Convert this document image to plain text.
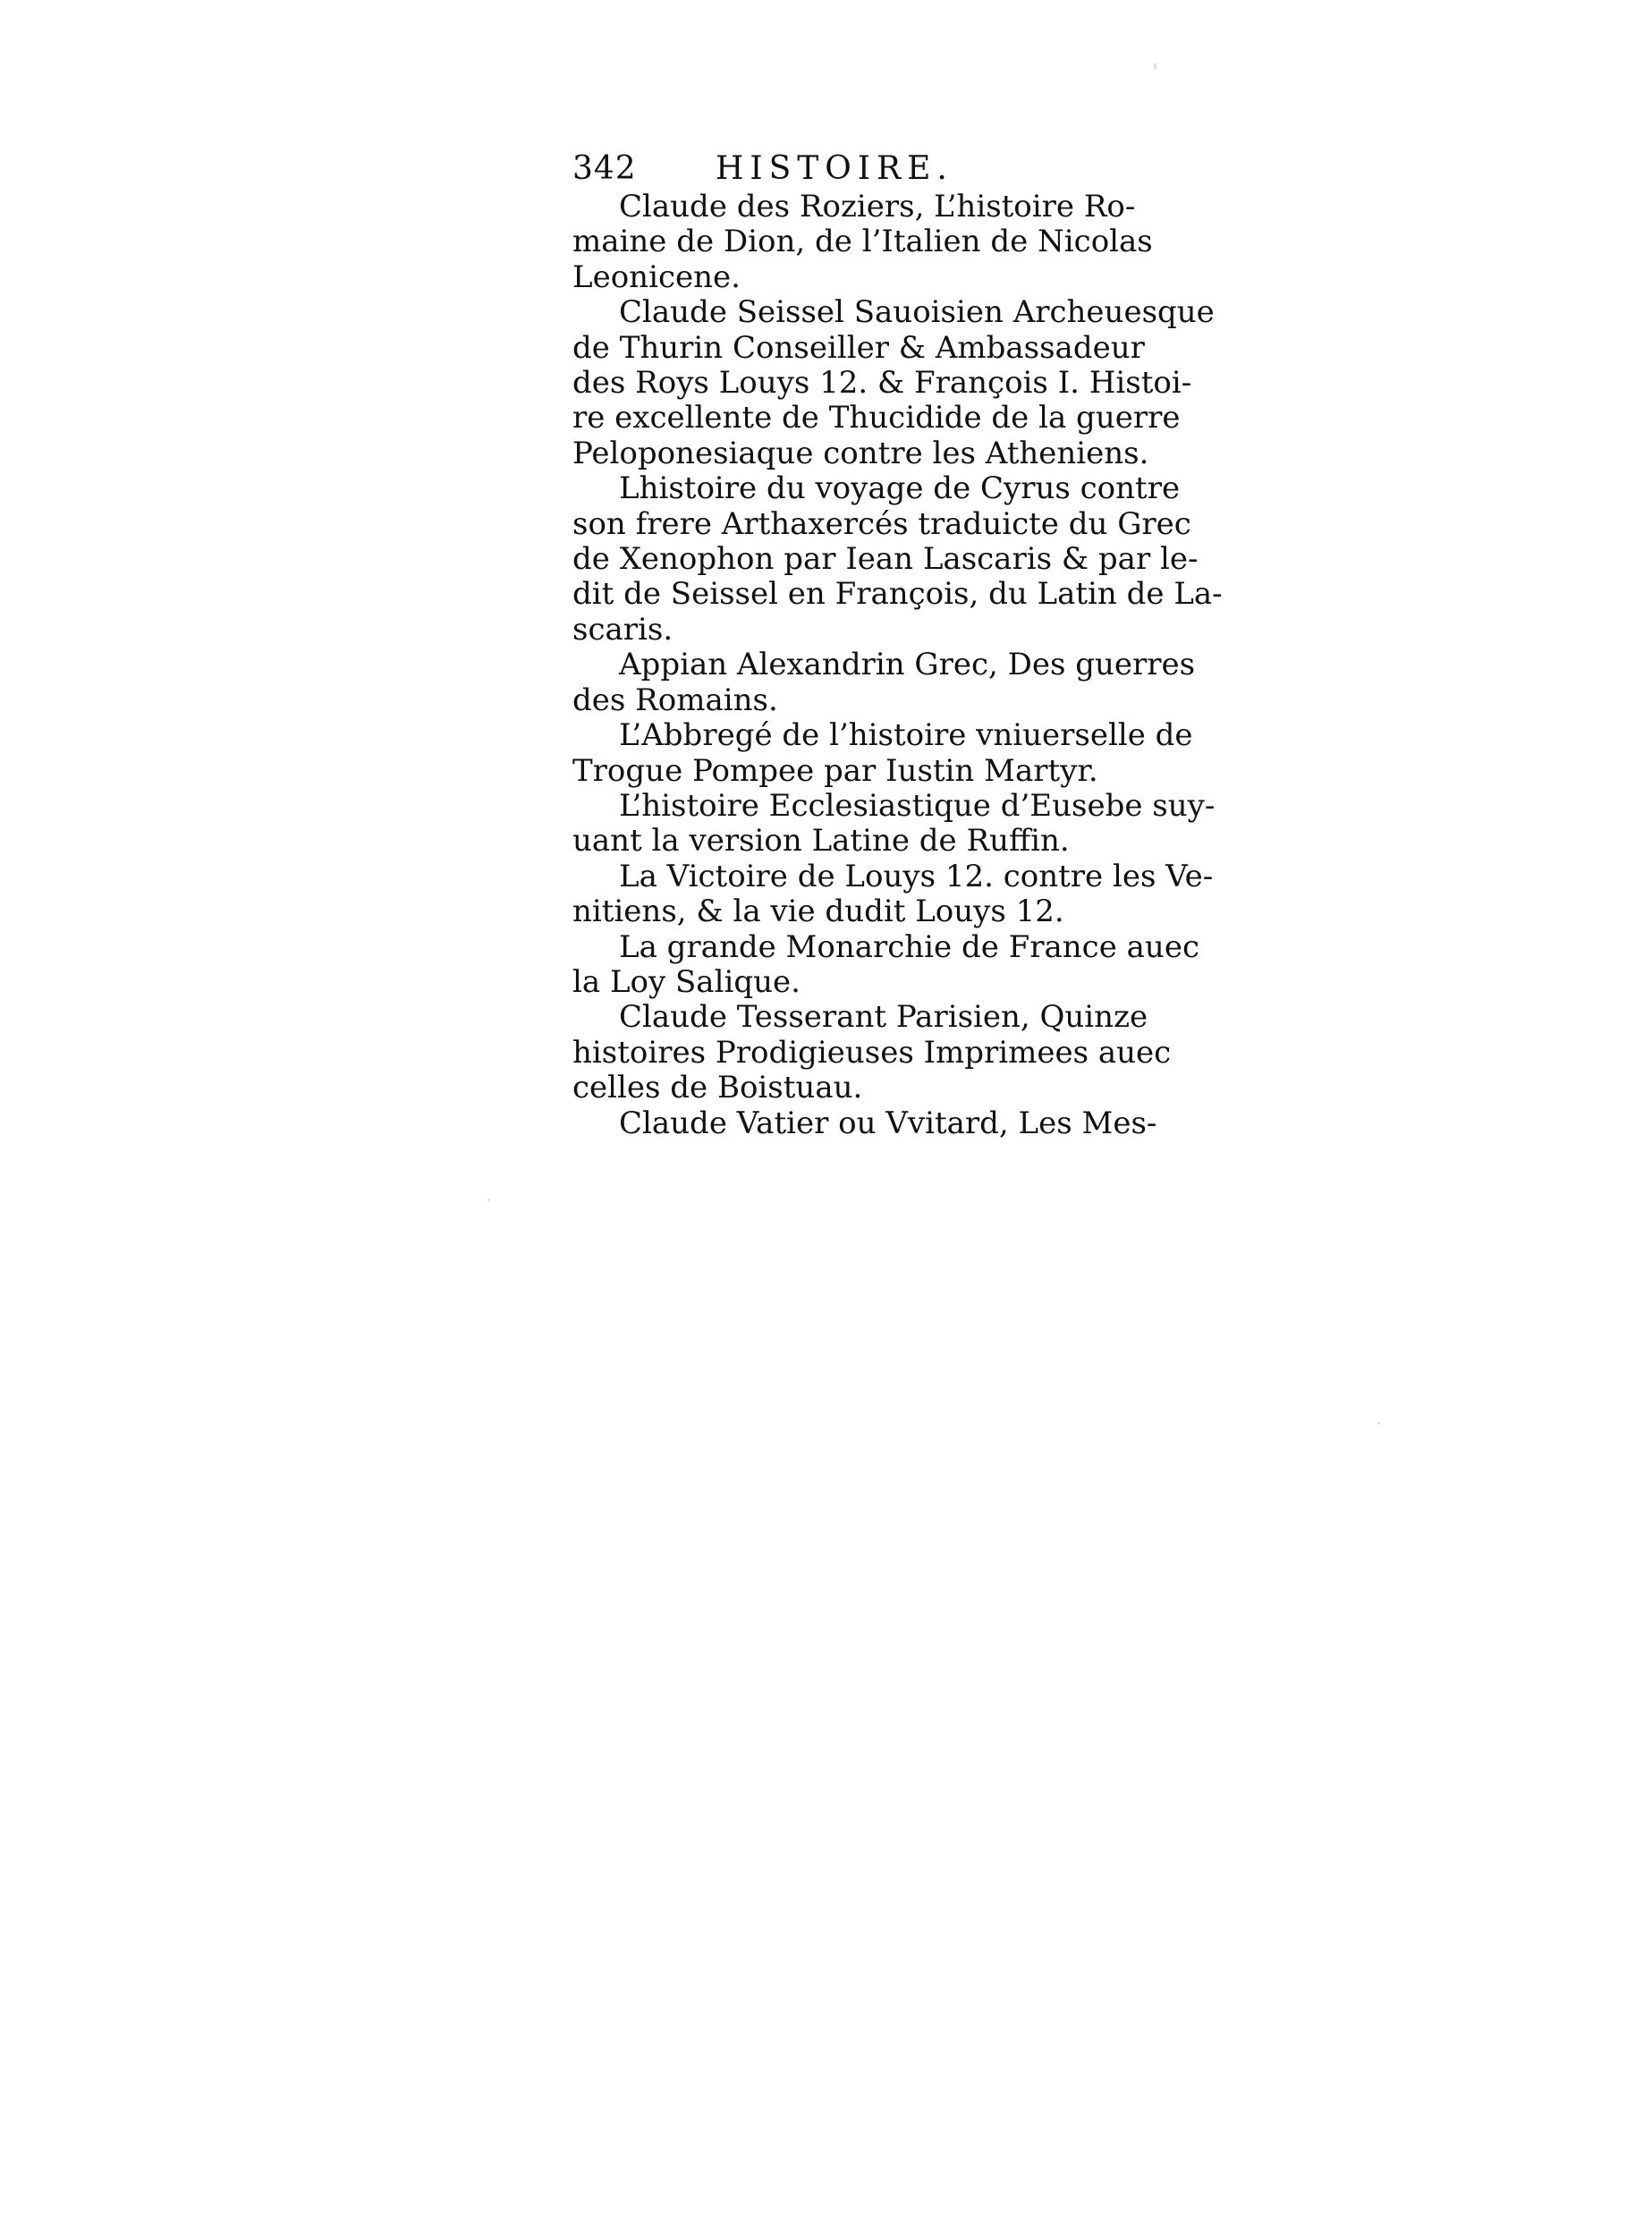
342 HISTOIRE.
Claude des Roziers, L’histoire Ro-
maine de Dion, de l’Italien de Nicolas
Leonicene.
Claude Seissel Sauoisien Archeuesque
de Thurin Conseiller & Ambassadeur
des Roys Louys 12. & François I. Histoi-
re excellente de Thucidide de la guerre
Peloponesiaque contre les Atheniens.
Lhistoire du voyage de Cyrus contre
son frere Arthaxercés traduicte du Grec
de Xenophon par Iean Lascaris & par le-
dit de Seissel en François, du Latin de La-
scaris.
Appian Alexandrin Grec, Des guerres
des Romains.
L’Abbregé de l’histoire vniuerselle de
Trogue Pompee par Iustin Martyr.
L’histoire Ecclesiastique d’Eusebe suy-
uant la version Latine de Ruffin.
La Victoire de Louys 12. contre les Ve-
nitiens, & la vie dudit Louys 12.
La grande Monarchie de France auec
la Loy Salique.
Claude Tesserant Parisien, Quinze
histoires Prodigieuses Imprimees auec
celles de Boistuau.
Claude Vatier ou Vvitard, Les Mes-
